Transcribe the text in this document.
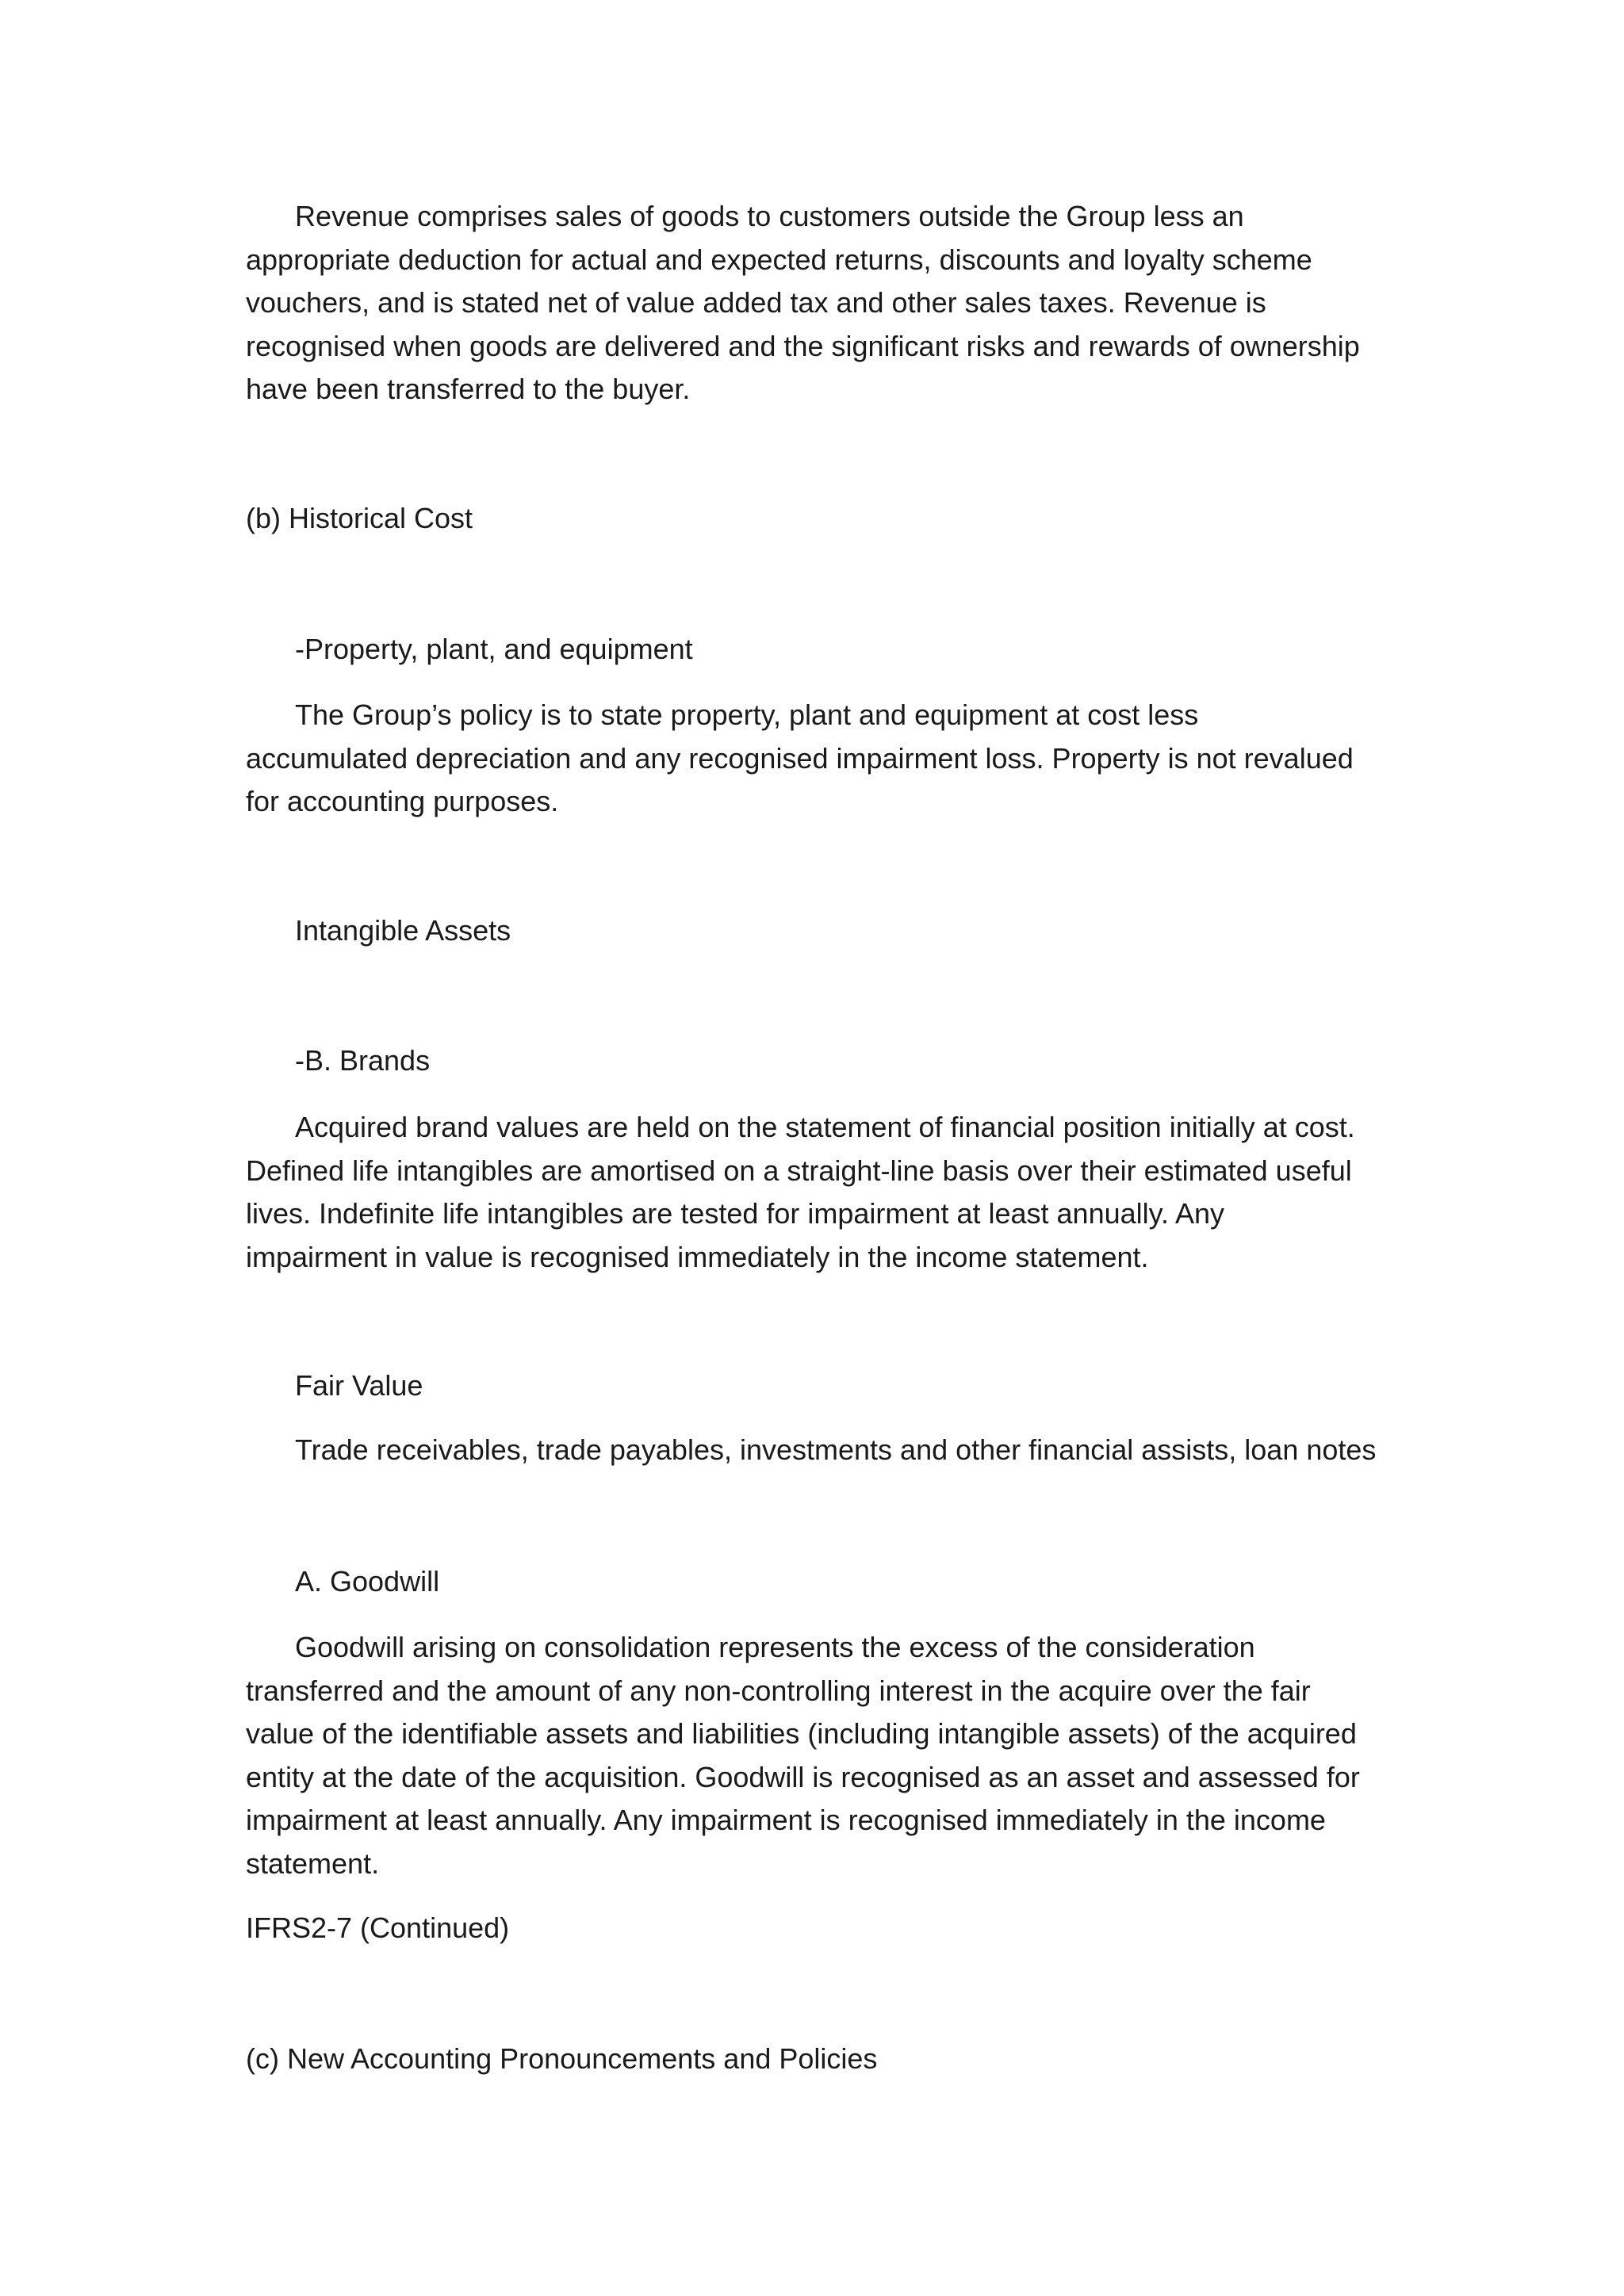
Revenue comprises sales of goods to customers outside the Group less an
appropriate deduction for actual and expected returns, discounts and loyalty scheme
vouchers, and is stated net of value added tax and other sales taxes. Revenue is
recognised when goods are delivered and the significant risks and rewards of ownership
have been transferred to the buyer.

(b) Historical Cost

-Property, plant, and equipment

The Group’s policy is to state property, plant and equipment at cost less
accumulated depreciation and any recognised impairment loss. Property is not revalued
for accounting purposes.

Intangible Assets

-B. Brands

Acquired brand values are held on the statement of financial position initially at cost.
Defined life intangibles are amortised on a straight-line basis over their estimated useful
lives. Indefinite life intangibles are tested for impairment at least annually. Any
impairment in value is recognised immediately in the income statement.

Fair Value

Trade receivables, trade payables, investments and other financial assists, loan notes

A. Goodwill

Goodwill arising on consolidation represents the excess of the consideration
transferred and the amount of any non-controlling interest in the acquire over the fair
value of the identifiable assets and liabilities (including intangible assets) of the acquired
entity at the date of the acquisition. Goodwill is recognised as an asset and assessed for
impairment at least annually. Any impairment is recognised immediately in the income
statement.

IFRS2-7 (Continued)

(c) New Accounting Pronouncements and Policies
